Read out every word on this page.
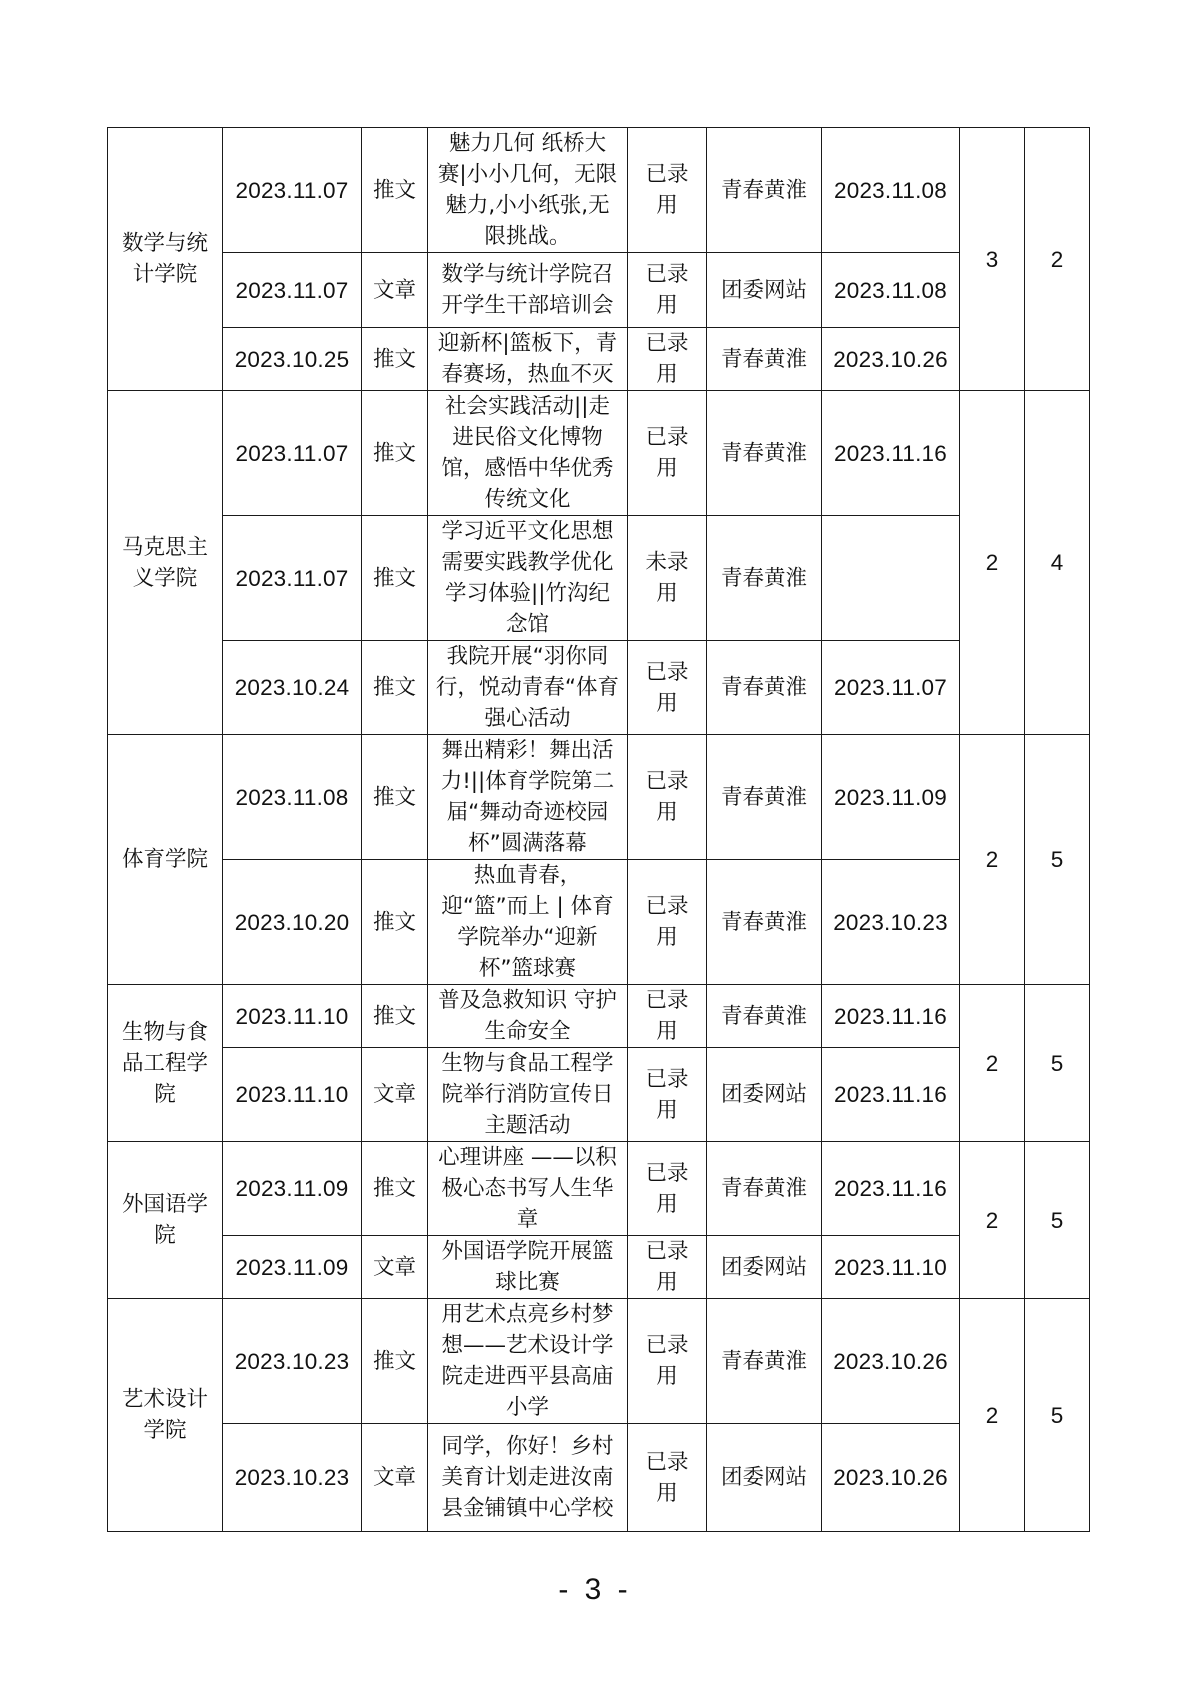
数学与统计学院	2023.11.07	推文	魅力几何 纸桥大赛|小小几何，无限魅力,小小纸张,无限挑战。	已录用	青春黄淮	2023.11.08	3	2
	2023.11.07	文章	数学与统计学院召开学生干部培训会	已录用	团委网站	2023.11.08		
	2023.10.25	推文	迎新杯|篮板下，青春赛场，热血不灭	已录用	青春黄淮	2023.10.26		

马克思主义学院	2023.11.07	推文	社会实践活动||走进民俗文化博物馆，感悟中华优秀传统文化	已录用	青春黄淮	2023.11.16	2	4
	2023.11.07	推文	学习近平文化思想需要实践教学优化学习体验||竹沟纪念馆	未录用	青春黄淮			
	2023.10.24	推文	我院开展“羽你同行，悦动青春“体育强心活动	已录用	青春黄淮	2023.11.07		

体育学院	2023.11.08	推文	舞出精彩！舞出活力!||体育学院第二届“舞动奇迹校园杯”圆满落幕	已录用	青春黄淮	2023.11.09	2	5
	2023.10.20	推文	热血青春，迎“篮”而上 | 体育学院举办“迎新杯”篮球赛	已录用	青春黄淮	2023.10.23		

生物与食品工程学院	2023.11.10	推文	普及急救知识 守护生命安全	已录用	青春黄淮	2023.11.16	2	5
	2023.11.10	文章	生物与食品工程学院举行消防宣传日主题活动	已录用	团委网站	2023.11.16		

外国语学院	2023.11.09	推文	心理讲座 ——以积极心态书写人生华章	已录用	青春黄淮	2023.11.16	2	5
	2023.11.09	文章	外国语学院开展篮球比赛	已录用	团委网站	2023.11.10		

艺术设计学院	2023.10.23	推文	用艺术点亮乡村梦想——艺术设计学院走进西平县高庙小学	已录用	青春黄淮	2023.10.26	2	5
	2023.10.23	文章	同学，你好！乡村美育计划走进汝南县金铺镇中心学校	已录用	团委网站	2023.10.26		
- 3 -
